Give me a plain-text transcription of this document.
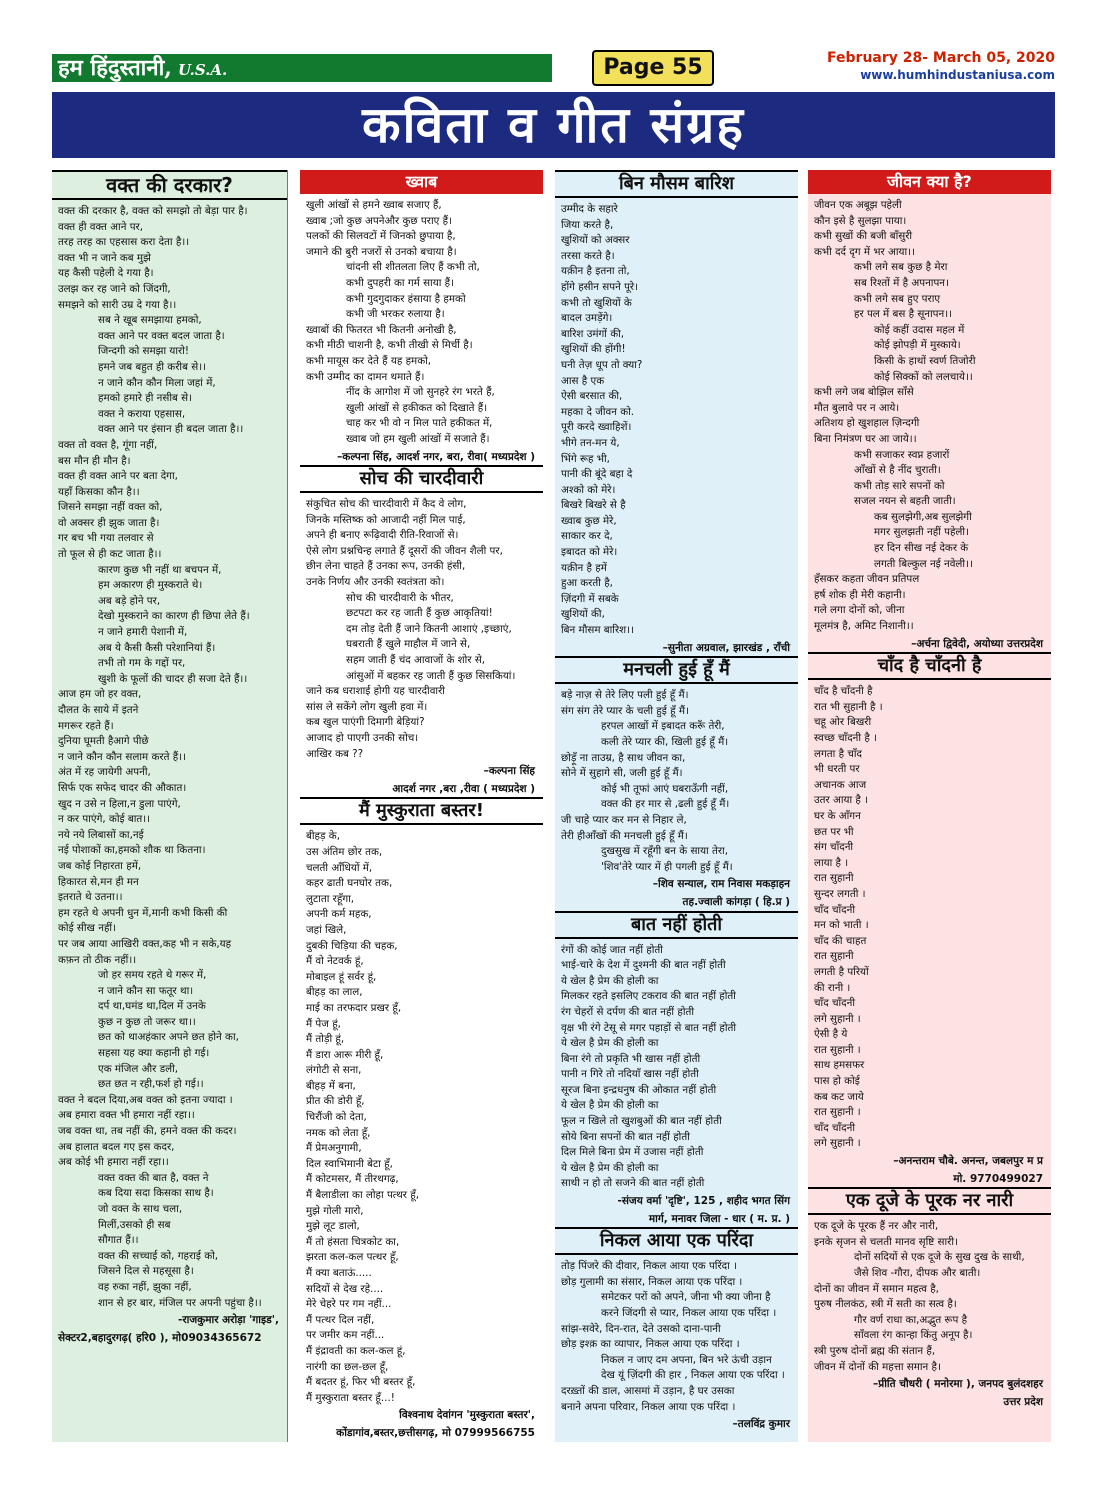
हम हिंदुस्तानी, U.S.A.	Page 55	February 28- March 05, 2020
www.humhindustaniusa.com
कविता व गीत संग्रह
वक्त की दरकार?
वक्त की दरकार है, वक्त को समझो तो बेड़ा पार है।
वक्त ही वक्त आने पर,
तरह तरह का एहसास करा देता है।।
वक्त भी न जाने कब मुझे
यह कैसी पहेली दे गया है।
उलझ कर रह जाने को जिंदगी,
समझने को सारी उम्र दे गया है।।
सब ने खूब समझाया हमको,
वक्त आने पर वक्त बदल जाता है।
जिन्दगी को समझा यारो!
हमने जब बहुत ही करीब से।।
न जाने कौन कौन मिला जहां में,
हमको हमारे ही नसीब से।
वक्त ने कराया एहसास,
वक्त आने पर इंसान ही बदल जाता है।।
वक्त तो वक्त है, गूंगा नहीं,
बस मौन ही मौन है।
वक्त ही वक्त आने पर बता देगा,
यहाँ किसका कौन है।।
जिसने समझा नहीं वक्त को,
वो अक्सर ही झुक जाता है।
गर बच भी गया तलवार से
तो फूल से ही कट जाता है।।
कारण कुछ भी नहीं था बचपन में,
हम अकारण ही मुस्कराते थे।
अब बड़े होने पर,
देखो मुस्कराने का कारण ही छिपा लेते हैं।
न जाने हमारी पेशानी में,
अब ये कैसी कैसी परेशानियां हैं।
तभी तो गम के गद्दों पर,
खुशी के फूलों की चादर ही सजा देते हैं।।
आज हम जो हर वक्त,
दौलत के साये में इतने
मगरूर रहते हैं।
दुनिया घूमती हैआगे पीछे
न जाने कौन कौन सलाम करते हैं।।
अंत में रह जायेगी अपनी,
सिर्फ एक सफेद चादर की औकात।
खुद न उसे न हिला,न डुला पाएंगे,
न कर पाएंगे, कोई बात।।
नये नये लिबासों का,नई
नई पोशाकों का,हमको शौक था कितना।
जब कोई निहारता हमें,
हिकारत से,मन ही मन
इतराते थे उतना।।
हम रहते थे अपनी धुन में,मानी कभी किसी की
कोई सीख नहीं।
पर जब आया आखिरी वक्त,कह भी न सके,यह
कफ़न तो ठीक नहीं।।
जो हर समय रहते थे गरूर में,
न जाने कौन सा फतूर था।
दर्प था,घमंड था,दिल में उनके
कुछ न कुछ तो जरूर था।।
छत को थाअहंकार अपने छत होने का,
सहसा यह क्या कहानी हो गई।
एक मंजिल और डली,
छत छत न रही,फर्श हो गई।।
वक्त ने बदल दिया,अब वक्त को इतना ज्यादा ।
अब हमारा वक्त भी हमारा नहीं रहा।।
जब वक्त था, तब नहीं की, हमने वक्त की कदर।
अब हालात बदल गए इस कदर,
अब कोई भी हमारा नहीं रहा।।
वक्त वक्त की बात है, वक्त ने
कब दिया सदा किसका साथ है।
जो वक्त के साथ चला,
मिलीं,उसको ही सब
सौगात हैं।।
वक्त की सच्चाई को, गहराई को,
जिसने दिल से महसूसा है।
वह रुका नहीं, झुका नहीं,
शान से हर बार, मंजिल पर अपनी पहुंचा है।।
-राजकुमार अरोड़ा 'गाइड',
सेक्टर2,बहादुरगढ़( हरि0 ), मो09034365672
ख्वाब
खुली आंखों से हमने ख्वाब सजाए हैं,
ख्वाब ;जो कुछ अपनेऔर कुछ पराए हैं।
पलकों की सिलवटों में जिनको छुपाया है,
जमाने की बुरी नजरों से उनको बचाया है।
चांदनी सी शीतलता लिए हैं कभी तो,
कभी दुपहरी का गर्म साया हैं।
कभी गुदगुदाकर हंसाया है हमको
कभी जी भरकर रुलाया है।
ख्वाबों की फितरत भी कितनी अनोखी है,
कभी मीठी चाशनी है, कभी तीखी से मिर्ची है।
कभी मायूस कर देते हैं यह हमको,
कभी उम्मीद का दामन थमाते हैं।
नींद के आगोश में जो सुनहरे रंग भरते हैं,
खुली आंखों से हकीकत को दिखाते हैं।
चाह कर भी वो न मिल पाते हकीकत में,
ख्वाब जो हम खुली आंखों में सजाते हैं।
–कल्पना सिंह, आदर्श नगर, बरा, रीवा( मध्यप्रदेश )
सोच की चारदीवारी
संकुचित सोच की चारदीवारी में कैद वे लोग,
जिनके मस्तिष्क को आजादी नहीं मिल पाई,
अपने ही बनाए रूढ़िवादी रीति-रिवाजों से।
ऐसे लोग प्रश्नचिन्ह लगाते हैं दूसरों की जीवन शैली पर,
छीन लेना चाहते हैं उनका रूप, उनकी हंसी,
उनके निर्णय और उनकी स्वतंत्रता को।
सोच की चारदीवारी के भीतर,
छटपटा कर रह जाती हैं कुछ आकृतियां!
दम तोड़ देती हैं जाने कितनी आशाएं ,इच्छाएं,
घबराती हैं खुले माहौल में जाने से,
सहम जाती हैं चंद आवाजों के शोर से,
आंसुओं में बहकर रह जाती हैं कुछ सिसकियां।
जाने कब धराशाई होगी यह चारदीवारी
सांस ले सकेंगे लोग खुली हवा में।
कब खुल पाएंगी दिमागी बेड़ियां?
आजाद हो पाएगी उनकी सोच।
आखिर कब ??
–कल्पना सिंह
आदर्श नगर ,बरा ,रीवा ( मध्यप्रदेश )
मैं मुस्कुराता बस्तर!
बीहड़ के,
उस अंतिम छोर तक,
चलती आँधियों में,
कहर ढाती घनघोर तक,
लुटाता रहूँगा,
अपनी कर्म महक,
जहां खिले,
दुबकी चिड़िया की चहक,
मैं वो नेटवर्क हूं,
मोबाइल हूं सर्वर हूं,
बीहड़ का लाल,
माई का तरफदार प्रखर हूँ,
मैं पेज हूं,
मैं तोड़ी हूं,
मैं डारा आरू मीरी हूँ,
लंगोटी से सना,
बीहड़ में बना,
प्रीत की डोरी हूँ,
चिरौंजी को देता,
नमक को लेता हूँ,
मैं प्रेमअनुगामी,
दिल स्वाभिमानी बेटा हूँ,
मैं कोटमसर, मैं तीरथगढ़,
मैं बैलाडीला का लोहा पत्थर हूँ,
मुझे गोली मारो,
मुझे लूट डालो,
मैं तो हंसता चित्रकोट का,
झरता कल-कल पत्थर हूँ,
मैं क्या बताऊं.....
सदियों से देख रहे....
मेरे चेहरे पर गम नहीं...
मैं पत्थर दिल नहीं,
पर जमीर कम नहीं...
मैं इंद्रावती का कल-कल हूं,
नारंगी का छल-छल हूँ,
मैं बदतर हूं, फिर भी बस्तर हूँ,
मैं मुस्कुराता बस्तर हूँ...!
विश्वनाथ देवांगन 'मुस्कुराता बस्तर',
कोंडागांव,बस्तर,छत्तीसगढ़, मो 07999566755
बिन मौसम बारिश
उम्मीद के सहारे
जिया करते है,
खुशियों को अक्सर
तरसा करते है।
यक़ीन है इतना तो,
होंगे हसीन सपने पूरे।
कभी तो खुशियों के
बादल उमड़ेंगे।
बारिश उमंगों की,
खुशियों की होंगी!
घनी तेज़ धूप तो क्या?
आस है एक
ऐसी बरसात की,
महका दे जीवन को.
पूरी करदे ख्वाहिशें।
भीगे तन-मन ये,
भिंगे रूह भी,
पानी की बूंदे बहा दे
अश्को को मेरे।
बिखरे बिखरे से है
ख्वाब कुछ मेरे,
साकार कर दे,
इबादत को मेरे।
यक़ीन है हमें
हुआ करती है,
ज़िंदगी में सबके
खुशियों की,
बिन मौसम बारिश।।
–सुनीता अग्रवाल, झारखंड , राँची
मनचली हुई हूँ मैं
बड़े नाज़ से तेरे लिए पली हुई हूँ मैं।
संग संग तेरे प्यार के चली हुई हूँ मैं।
हरपल आखों में इबादत करूँ तेरी,
कली तेरे प्यार की, खिली हुई हूँ मैं।
छोड़ूँ ना ताउम्र, है साथ जीवन का,
सोने में सुहागे सी, जली हुई हूँ मैं।
कोई भी तूफां आएं घबराऊँगी नहीं,
वक्त की हर मार से ,ढली हुई हूँ मैं।
जी चाहे प्यार कर मन से निहार ले,
तेरी हीआँखों की मनचली हुई हूँ मैं।
दुखसुख में रहूँगी बन के साया तेरा,
'शिव'तेरे प्यार में ही पगली हुई हूँ मैं।
–शिव सन्याल, राम निवास मकड़ाहन
तह.ज्वाली कांगड़ा ( हि.प्र )
बात नहीं होती
रंगों की कोई जात नहीं होती
भाई-चारे के देश में दुश्मनी की बात नहीं होती
ये खेल है प्रेम की होली का
मिलकर रहते इसलिए टकराव की बात नहीं होती
रंग चेहरों से दर्पण की बात नहीं होती
वृक्ष भी रंगे टेसू से मगर पहाड़ों से बात नहीं होती
ये खेल है प्रेम की होली का
बिना रंगे तो प्रकृति भी खास नहीं होती
पानी न गिरे तो नदियाँ खास नहीं होती
सूरज बिना इन्द्रधनुष की ओकात नहीं होती
ये खेल है प्रेम की होली का
फूल न खिले तो खुशबुओं की बात नहीं होती
सोये बिना सपनों की बात नहीं होती
दिल मिले बिना प्रेम में उजास नहीं होती
ये खेल है प्रेम की होली का
साथी न हो तो सजने की बात नहीं होती
-संजय वर्मा 'दृष्टि', 125 , शहीद भगत सिंग
मार्ग, मनावर जिला - धार ( म. प्र. )
निकल आया एक परिंदा
तोड़ पिंजरे की दीवार, निकल आया एक परिंदा ।
छोड़ गुलामी का संसार, निकल आया एक परिंदा ।
समेटकर परों को अपने, जीना भी क्या जीना है
करने जिंदगी से प्यार, निकल आया एक परिंदा ।
सांझ-सवेरे, दिन-रात, देते उसको दाना-पानी
छोड़ इश्क़ का व्यापार, निकल आया एक परिंदा ।
निकल न जाए दम अपना, बिन भरे ऊंची उड़ान
देख यूं ज़िंदगी की हार , निकल आया एक परिंदा ।
दरख़्तों की डाल, आसमां में उड़ान, है घर उसका
बनाने अपना परिवार, निकल आया एक परिंदा ।
–तलविंद्र कुमार
जीवन क्या है?
जीवन एक अबूझ पहेली
कौन इसे है सुलझा पाया।
कभी सुखों की बजी बाँसुरी
कभी दर्द दृग में भर आया।।
कभी लगे सब कुछ है मेरा
सब रिश्तों में है अपनापन।
कभी लगे सब हुए पराए
हर पल में बस है सूनापन।।
कोई कहीं उदास महल में
कोई झोपड़ी में मुस्काये।
किसी के हाथों स्वर्ण तिजोरी
कोई सिक्कों को ललचाये।।
कभी लगे जब बोझिल साँसे
मौत बुलावे पर न आये।
अतिशय हो खुशहाल ज़िन्दगी
बिना निमंत्रण घर आ जाये।।
कभी सजाकर स्वप्न हजारों
आँखों से है नींद चुराती।
कभी तोड़ सारे सपनों को
सजल नयन से बहती जाती।
कब सुलझेगी,अब सुलझेगी
मगर सुलझती नहीं पहेली।
हर दिन सीख नई देकर के
लगती बिल्कुल नई नवेली।।
हँसकर कहता जीवन प्रतिपल
हर्ष शोक ही मेरी कहानी।
गले लगा दोनों को, जीना
मूलमंत्र है, अमिट निशानी।।
–अर्चना द्विवेदी, अयोध्या उत्तरप्रदेश
चाँद है चाँदनी है
चाँद है चाँदनी है
रात भी सुहानी है ।
चहू ओर बिखरी
स्वच्छ चाँदनी है ।
लगता है चाँद
भी धरती पर
अचानक आज
उतर आया है ।
घर के आँगन
छत पर भी
संग चाँदनी
लाया है ।
रात सुहानी
सुन्दर लगती ।
चाँद चाँदनी
मन को भाती ।
चाँद की चाहत
रात सुहानी
लगती है परियों
की रानी ।
चाँद चाँदनी
लगे सुहानी ।
ऐसी है ये
रात सुहानी ।
साथ हमसफर
पास हो कोई
कब कट जाये
रात सुहानी ।
चाँद चाँदनी
लगे सुहानी ।
–अनन्तराम चौबे. अनन्त, जबलपुर म प्र
मो. 9770499027
एक दूजे के पूरक नर नारी
एक दूजे के पूरक हैं नर और नारी,
इनके सृजन से चलती मानव सृष्टि सारी।
दोनों सदियों से एक दूजे के सुख दुख के साथी,
जैसे शिव -गौरा, दीपक और बाती।
दोनों का जीवन में समान महत्व है,
पुरुष नीलकंठ, स्त्री में सती का सत्व है।
गौर वर्ण राधा का,अद्भुत रूप है
साँवला रंग कान्हा किंतु अनूप है।
स्त्री पुरुष दोनों ब्रह्म की संतान हैं,
जीवन में दोनों की महत्ता समान है।
–प्रीति चौधरी ( मनोरमा ), जनपद बुलंदशहर
उत्तर प्रदेश
